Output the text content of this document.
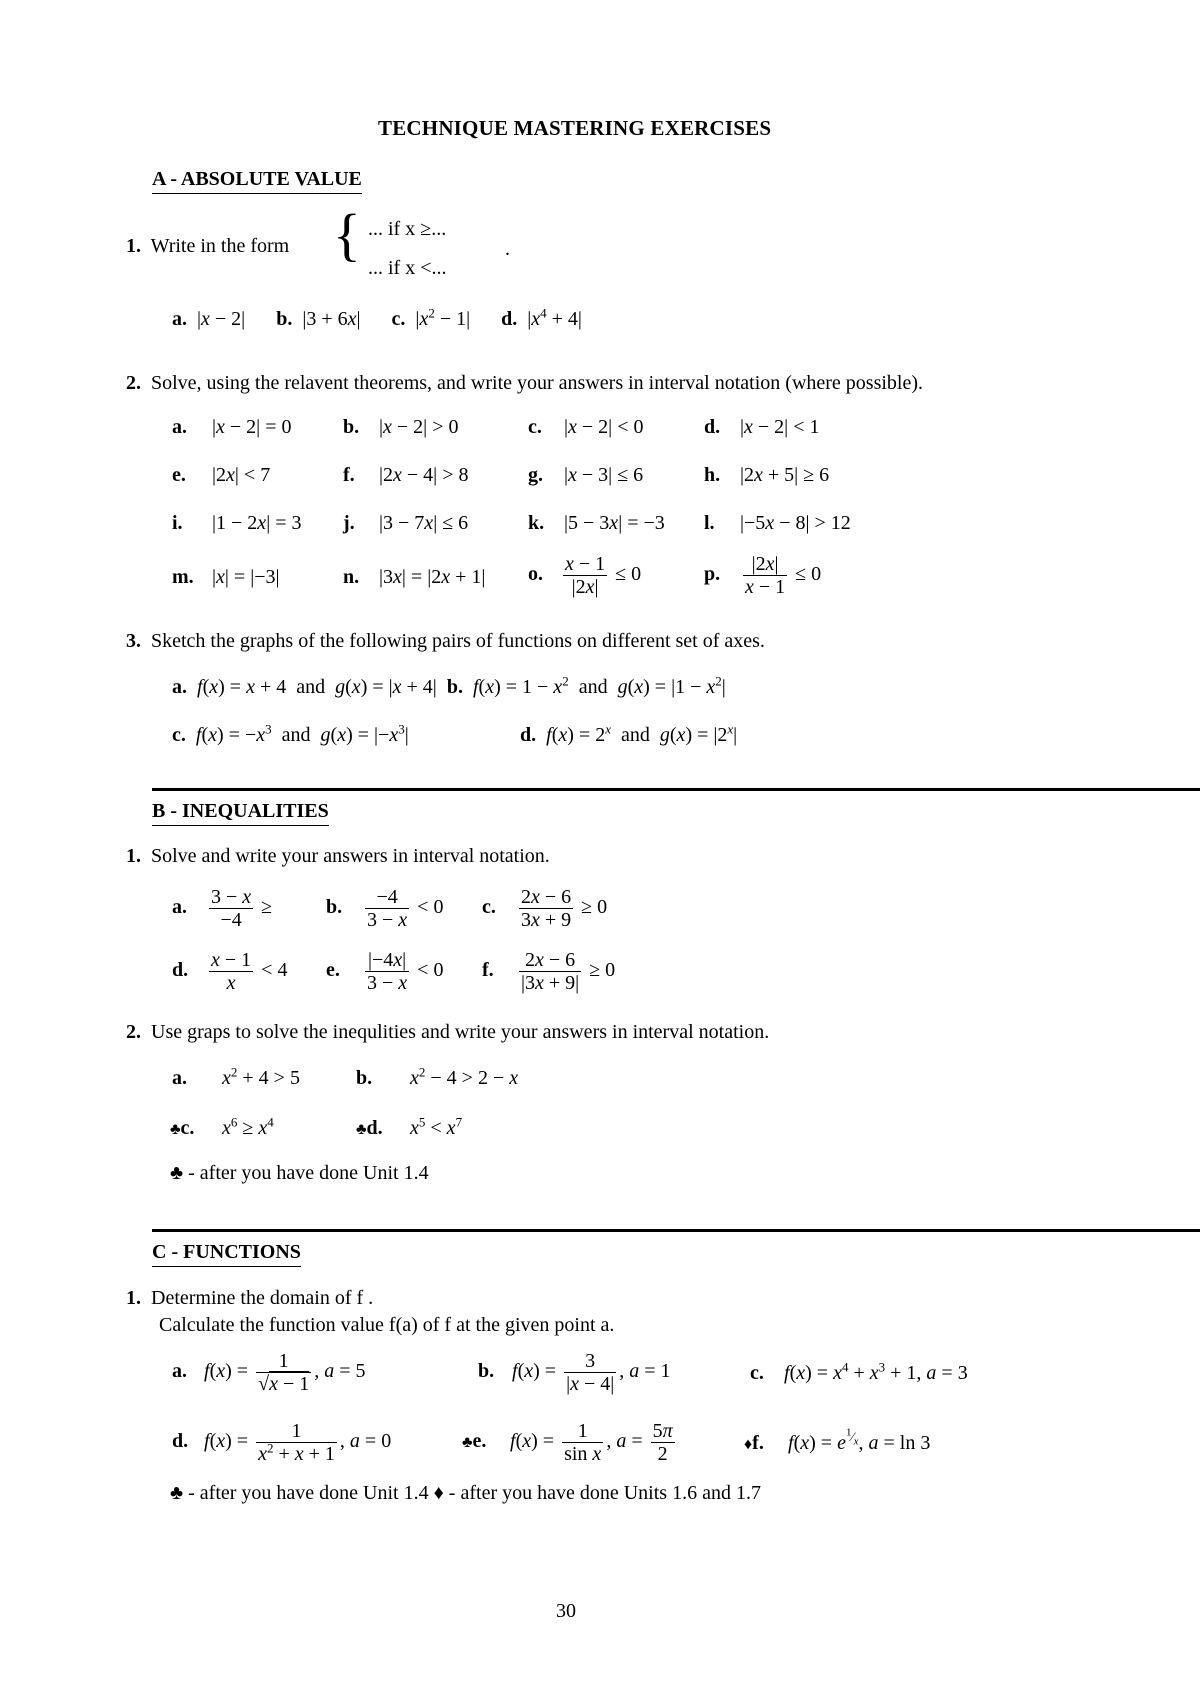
TECHNIQUE MASTERING EXERCISES
A - ABSOLUTE VALUE
1. Write in the form { ... if x ≥...
... if x <...
.
a.  |x − 2| b.  |3 + 6x| c.  $|x^2 - 1|$ d.  $|x^4 + 4|$
2. Solve, using the relavent theorems, and write your answers in interval notation (where possible).
a. |x − 2| = 0	b. |x − 2| > 0	c. |x − 2| < 0	d. |x − 2| < 1
e. |2x| < 7	f. |2x − 4| > 8	g. |x − 3| ≤ 6	h. |2x + 5| ≥ 6
i. |1 − 2x| = 3 j. |3 − 7x| ≤ 6	k. |5 − 3x| = −3 l. |−5x − 8| > 12
m. |x| = |−3|	n. |3x| = |2x + 1| o. $\frac{x - 1}{|2x|} \le 0$	p. $\frac{|2x|}{x - 1} \le 0$
3. Sketch the graphs of the following pairs of functions on different set of axes.
a. f(x) = x + 4  and  g(x) = |x + 4|  b. $f(x) = 1 - x^2$  and  $g(x) = |1 - x^2|$
c. $f(x) = -x^3$  and  $g(x) = |-x^3|$	d. $f(x) = 2^x$  and  $g(x) = |2^x|$
B - INEQUALITIES
1. Solve and write your answers in interval notation.
a. $\frac{3 - x}{-4}$ ≥	b. $\frac{-4}{3 - x} < 0$ c. $\frac{2x - 6}{3x + 9} \ge 0$
d. $\frac{x - 1}{x} < 4$ e. $\frac{|-4x|}{3 - x} < 0$ f. $\frac{2x - 6}{|3x + 9|} \ge 0$
2. Use graps to solve the inequlities and write your answers in interval notation.
a. $x^2 + 4 > 5$	b. $x^2 - 4 > 2 - x$
♣c. $x^6 \ge x^4$	♣d. $x^5 < x^7$
♣ - after you have done Unit 1.4
C - FUNCTIONS
1. Determine the domain of f .
Calculate the function value f(a) of f at the given point a.
a. $f(x) = \frac{1}{√x - 1}$ , a = 5	b. $f(x) = \frac{3}{|x - 4|}$ , a = 1	c. $f(x) = x^4 + x^3 + 1$, a = 3
d. $f(x) = \frac{1}{x^2 + x + 1}$ , a = 0	♣e. $f(x) = \frac{1}{\text{sin x}}$ , $a = \frac{5\pi}{2}$	♦f. $f(x) = e^{^1⁄_x}$, a = ln 3
♣ - after you have done Unit 1.4 ♦ - after you have done Units 1.6 and 1.7
30
